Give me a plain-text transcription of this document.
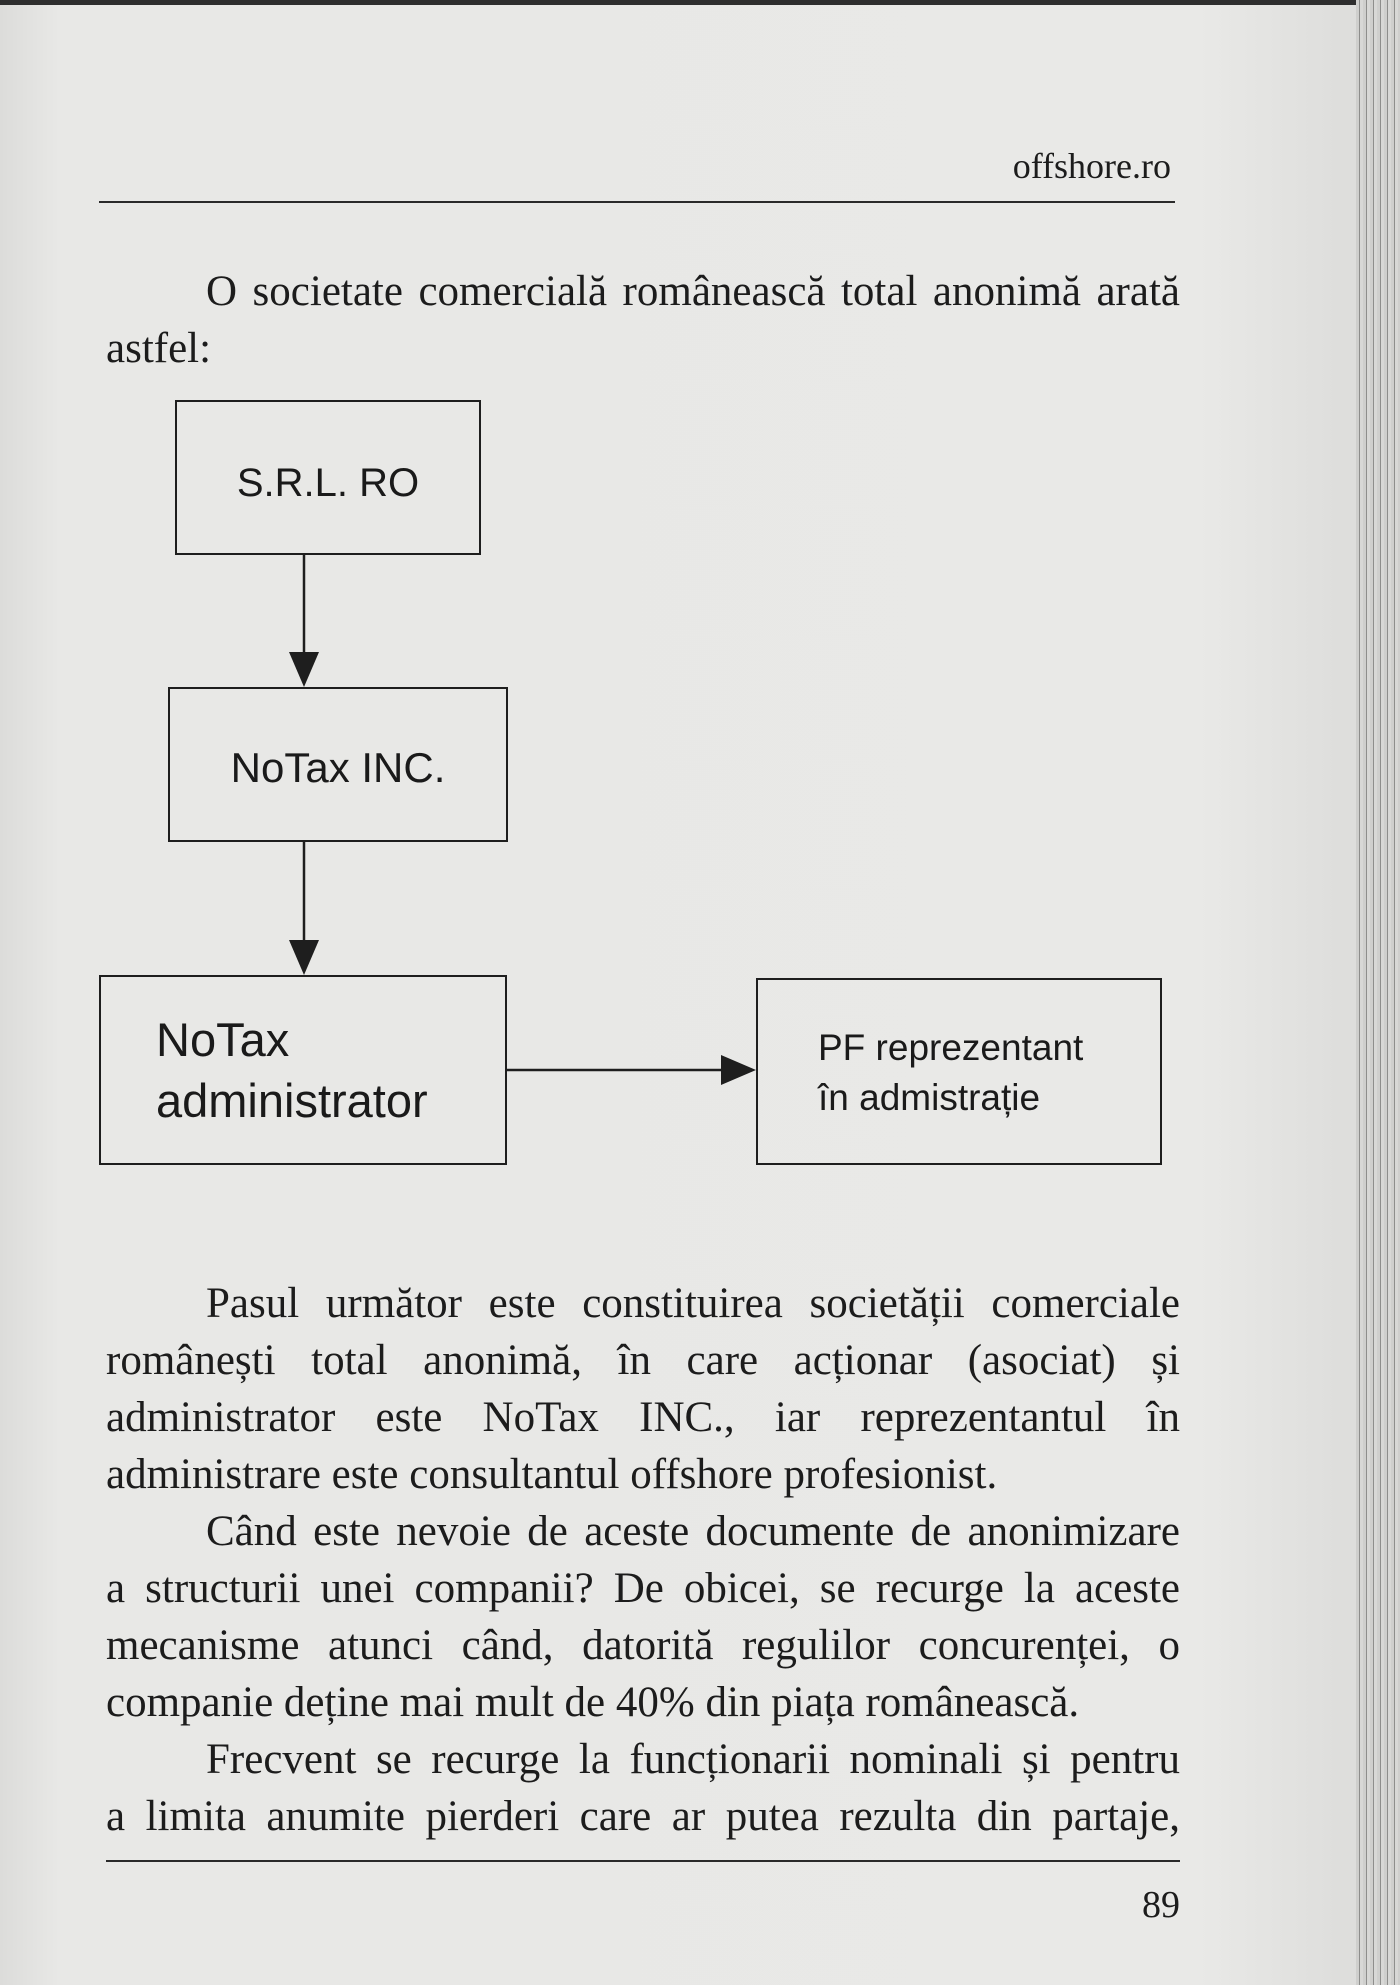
offshore.ro
O societate comercială românească total anonimă arată
astfel:
S.R.L. RO
NoTax INC.
NoTax
administrator
PF reprezentant
în admistrație
Pasul următor este constituirea societății comerciale
românești total anonimă, în care acționar (asociat) și
administrator este NoTax INC., iar reprezentantul în
administrare este consultantul offshore profesionist.
Când este nevoie de aceste documente de anonimizare
a structurii unei companii? De obicei, se recurge la aceste
mecanisme atunci când, datorită regulilor concurenței, o
companie deține mai mult de 40% din piața românească.
Frecvent se recurge la funcționarii nominali și pentru
a limita anumite pierderi care ar putea rezulta din partaje,
89
